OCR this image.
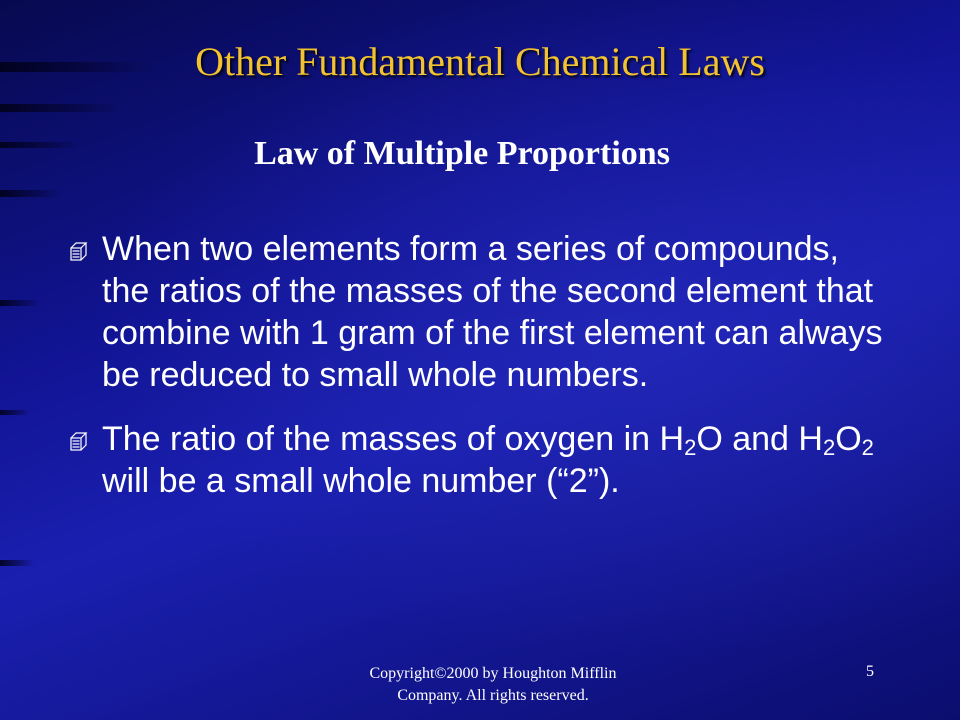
Other Fundamental Chemical Laws
Law of Multiple Proportions
When two elements form a series of compounds, the ratios of the masses of the second element that combine with 1 gram of the first element can always be reduced to small whole numbers.
The ratio of the masses of oxygen in $H_2O$ and $H_2O_2$ will be a small whole number (“2”).
Copyright©2000 by Houghton Mifflin Company. All rights reserved.
5
